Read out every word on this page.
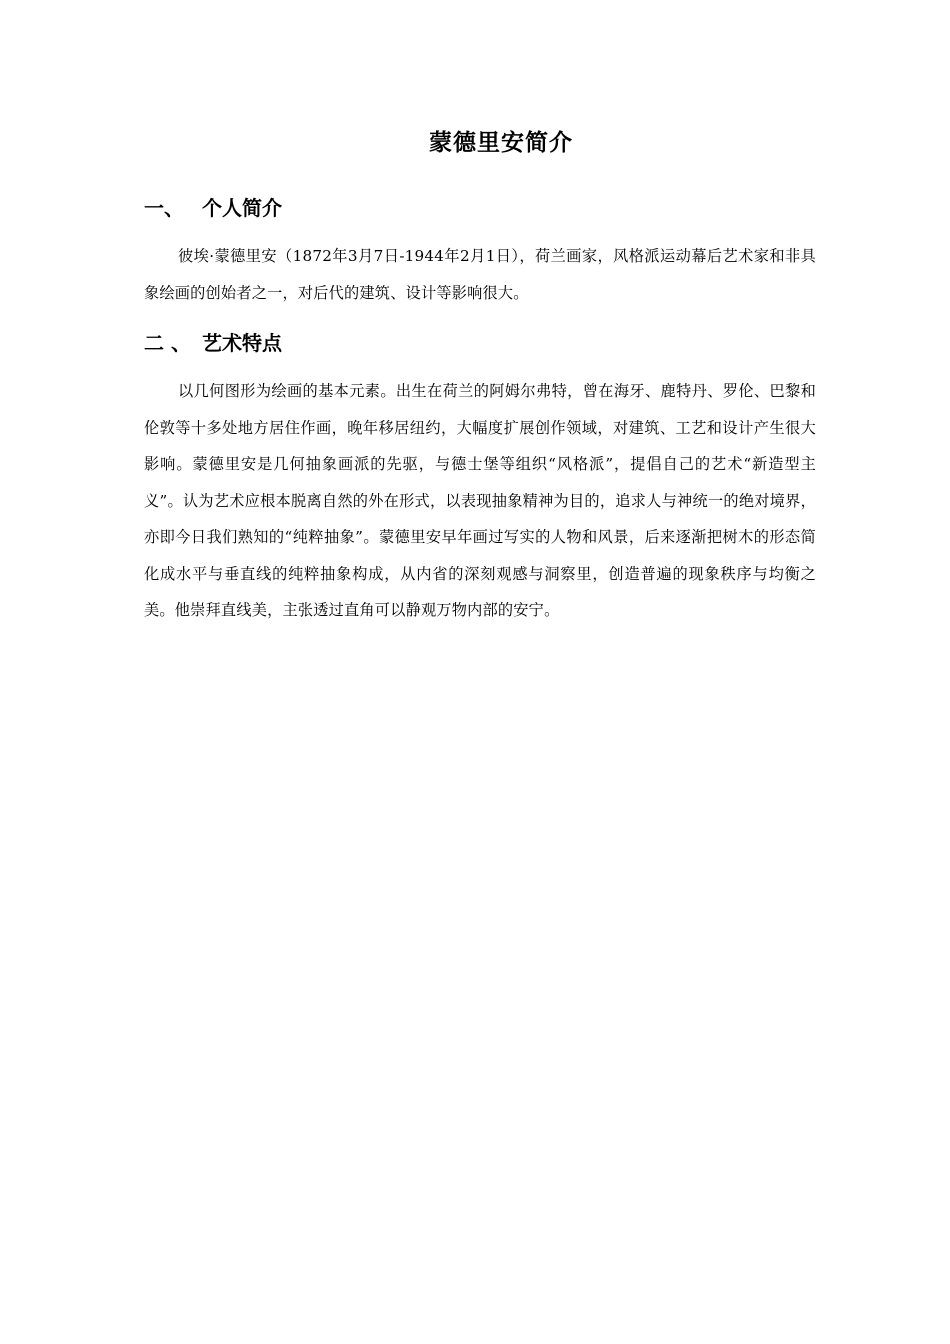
蒙德里安简介
一、 个人简介

彼埃·蒙德里安（1872年3月7日-1944年2月1日），荷兰画家，风格派运动幕后艺术家和非具象绘画的创始者之一，对后代的建筑、设计等影响很大。

二 、 艺术特点

以几何图形为绘画的基本元素。出生在荷兰的阿姆尔弗特，曾在海牙、鹿特丹、罗伦、巴黎和伦敦等十多处地方居住作画，晚年移居纽约，大幅度扩展创作领域，对建筑、工艺和设计产生很大影响。蒙德里安是几何抽象画派的先驱，与德士堡等组织“风格派”，提倡自己的艺术“新造型主义”。认为艺术应根本脱离自然的外在形式，以表现抽象精神为目的，追求人与神统一的绝对境界，亦即今日我们熟知的“纯粹抽象”。蒙德里安早年画过写实的人物和风景，后来逐渐把树木的形态简化成水平与垂直线的纯粹抽象构成，从内省的深刻观感与洞察里，创造普遍的现象秩序与均衡之美。他崇拜直线美，主张透过直角可以静观万物内部的安宁。
